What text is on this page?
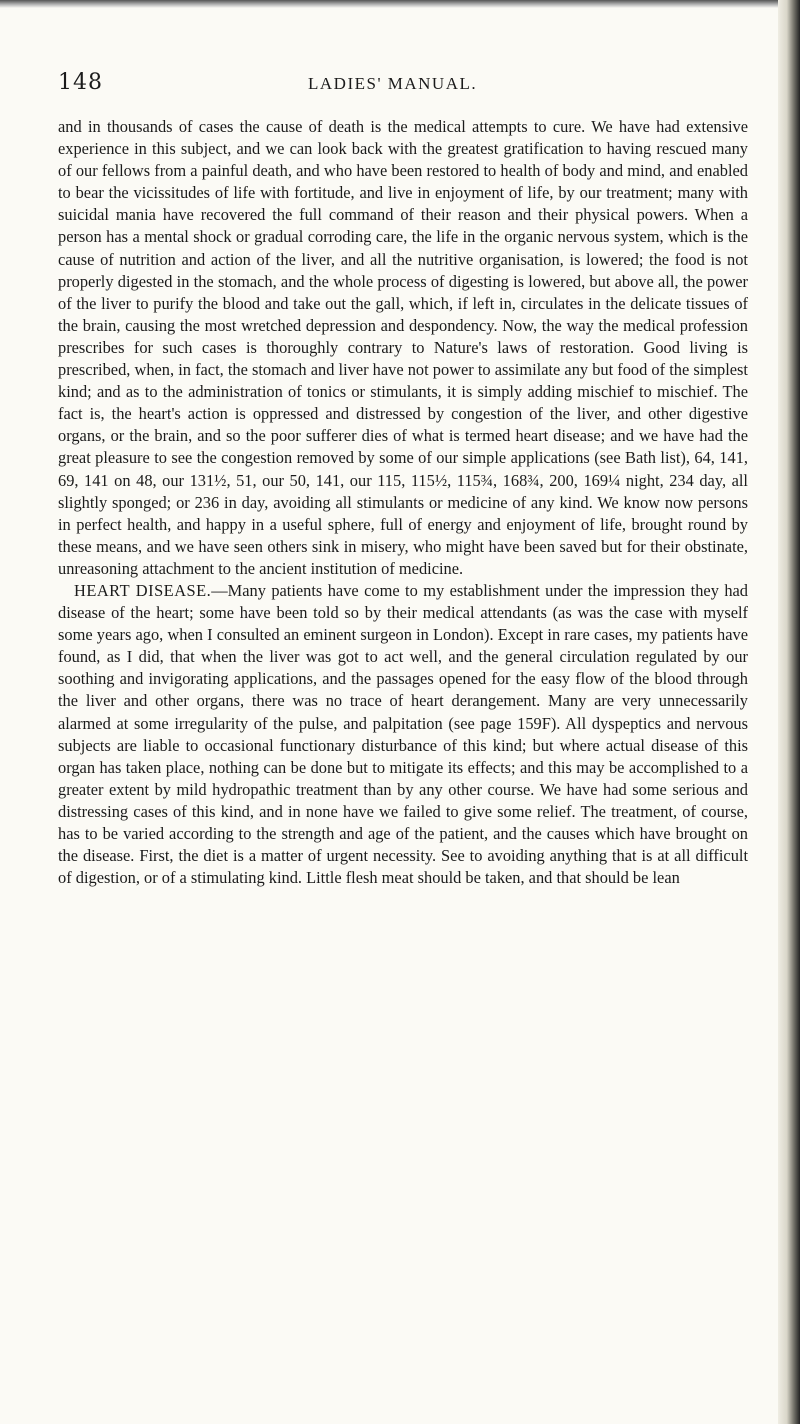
148	LADIES' MANUAL.

and in thousands of cases the cause of death is the medical attempts to cure. We have had extensive experience in this subject, and we can look back with the greatest gratification to having rescued many of our fellows from a painful death, and who have been restored to health of body and mind, and enabled to bear the vicissitudes of life with fortitude, and live in enjoyment of life, by our treatment; many with suicidal mania have recovered the full command of their reason and their physical powers. When a person has a mental shock or gradual corroding care, the life in the organic nervous system, which is the cause of nutrition and action of the liver, and all the nutritive organisation, is lowered; the food is not properly digested in the stomach, and the whole process of digesting is lowered, but above all, the power of the liver to purify the blood and take out the gall, which, if left in, circulates in the delicate tissues of the brain, causing the most wretched depression and despondency. Now, the way the medical profession prescribes for such cases is thoroughly contrary to Nature's laws of restoration. Good living is prescribed, when, in fact, the stomach and liver have not power to assimilate any but food of the simplest kind; and as to the administration of tonics or stimulants, it is simply adding mischief to mischief. The fact is, the heart's action is oppressed and distressed by congestion of the liver, and other digestive organs, or the brain, and so the poor sufferer dies of what is termed heart disease; and we have had the great pleasure to see the congestion removed by some of our simple applications (see Bath list), 64, 141, 69, 141 on 48, our 131½, 51, our 50, 141, our 115, 115½, 115¾, 168¾, 200, 169¼ night, 234 day, all slightly sponged; or 236 in day, avoiding all stimulants or medicine of any kind. We know now persons in perfect health, and happy in a useful sphere, full of energy and enjoyment of life, brought round by these means, and we have seen others sink in misery, who might have been saved but for their obstinate, unreasoning attachment to the ancient institution of medicine.

HEART DISEASE.—Many patients have come to my establishment under the impression they had disease of the heart; some have been told so by their medical attendants (as was the case with myself some years ago, when I consulted an eminent surgeon in London). Except in rare cases, my patients have found, as I did, that when the liver was got to act well, and the general circulation regulated by our soothing and invigorating applications, and the passages opened for the easy flow of the blood through the liver and other organs, there was no trace of heart derangement. Many are very unnecessarily alarmed at some irregularity of the pulse, and palpitation (see page 159F). All dyspeptics and nervous subjects are liable to occasional functionary disturbance of this kind; but where actual disease of this organ has taken place, nothing can be done but to mitigate its effects; and this may be accomplished to a greater extent by mild hydropathic treatment than by any other course. We have had some serious and distressing cases of this kind, and in none have we failed to give some relief. The treatment, of course, has to be varied according to the strength and age of the patient, and the causes which have brought on the disease. First, the diet is a matter of urgent necessity. See to avoiding anything that is at all difficult of digestion, or of a stimulating kind. Little flesh meat should be taken, and that should be lean
